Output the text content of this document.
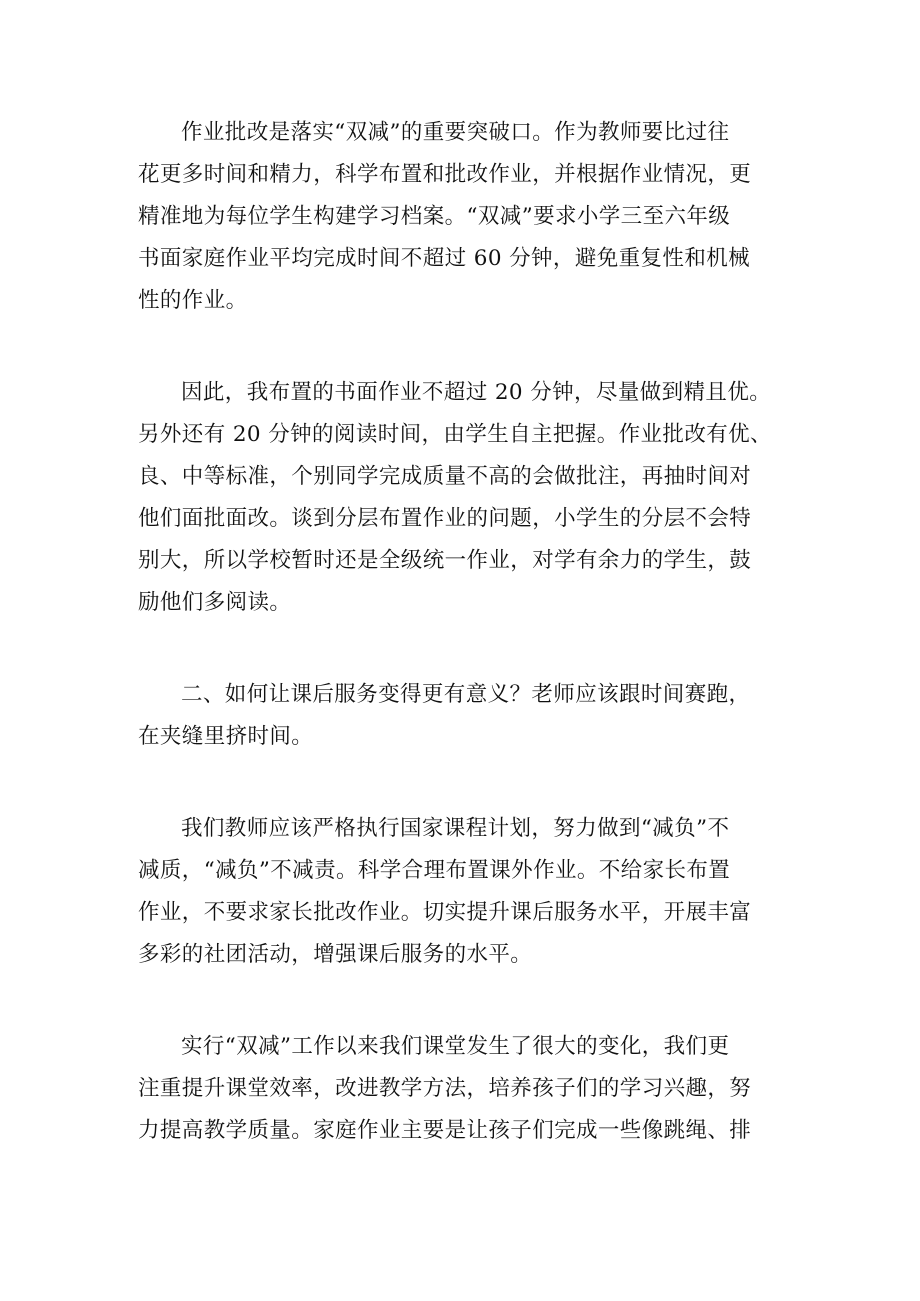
作业批改是落实“双减”的重要突破口。作为教师要比过往
花更多时间和精力，科学布置和批改作业，并根据作业情况，更
精准地为每位学生构建学习档案。“双减”要求小学三至六年级
书面家庭作业平均完成时间不超过 60 分钟，避免重复性和机械
性的作业。

因此，我布置的书面作业不超过 20 分钟，尽量做到精且优。
另外还有 20 分钟的阅读时间，由学生自主把握。作业批改有优、
良、中等标准，个别同学完成质量不高的会做批注，再抽时间对
他们面批面改。谈到分层布置作业的问题，小学生的分层不会特
别大，所以学校暂时还是全级统一作业，对学有余力的学生，鼓
励他们多阅读。

二、如何让课后服务变得更有意义？老师应该跟时间赛跑，
在夹缝里挤时间。

我们教师应该严格执行国家课程计划，努力做到“减负”不
减质，“减负”不减责。科学合理布置课外作业。不给家长布置
作业，不要求家长批改作业。切实提升课后服务水平，开展丰富
多彩的社团活动，增强课后服务的水平。

实行“双减”工作以来我们课堂发生了很大的变化，我们更
注重提升课堂效率，改进教学方法，培养孩子们的学习兴趣，努
力提高教学质量。家庭作业主要是让孩子们完成一些像跳绳、排
